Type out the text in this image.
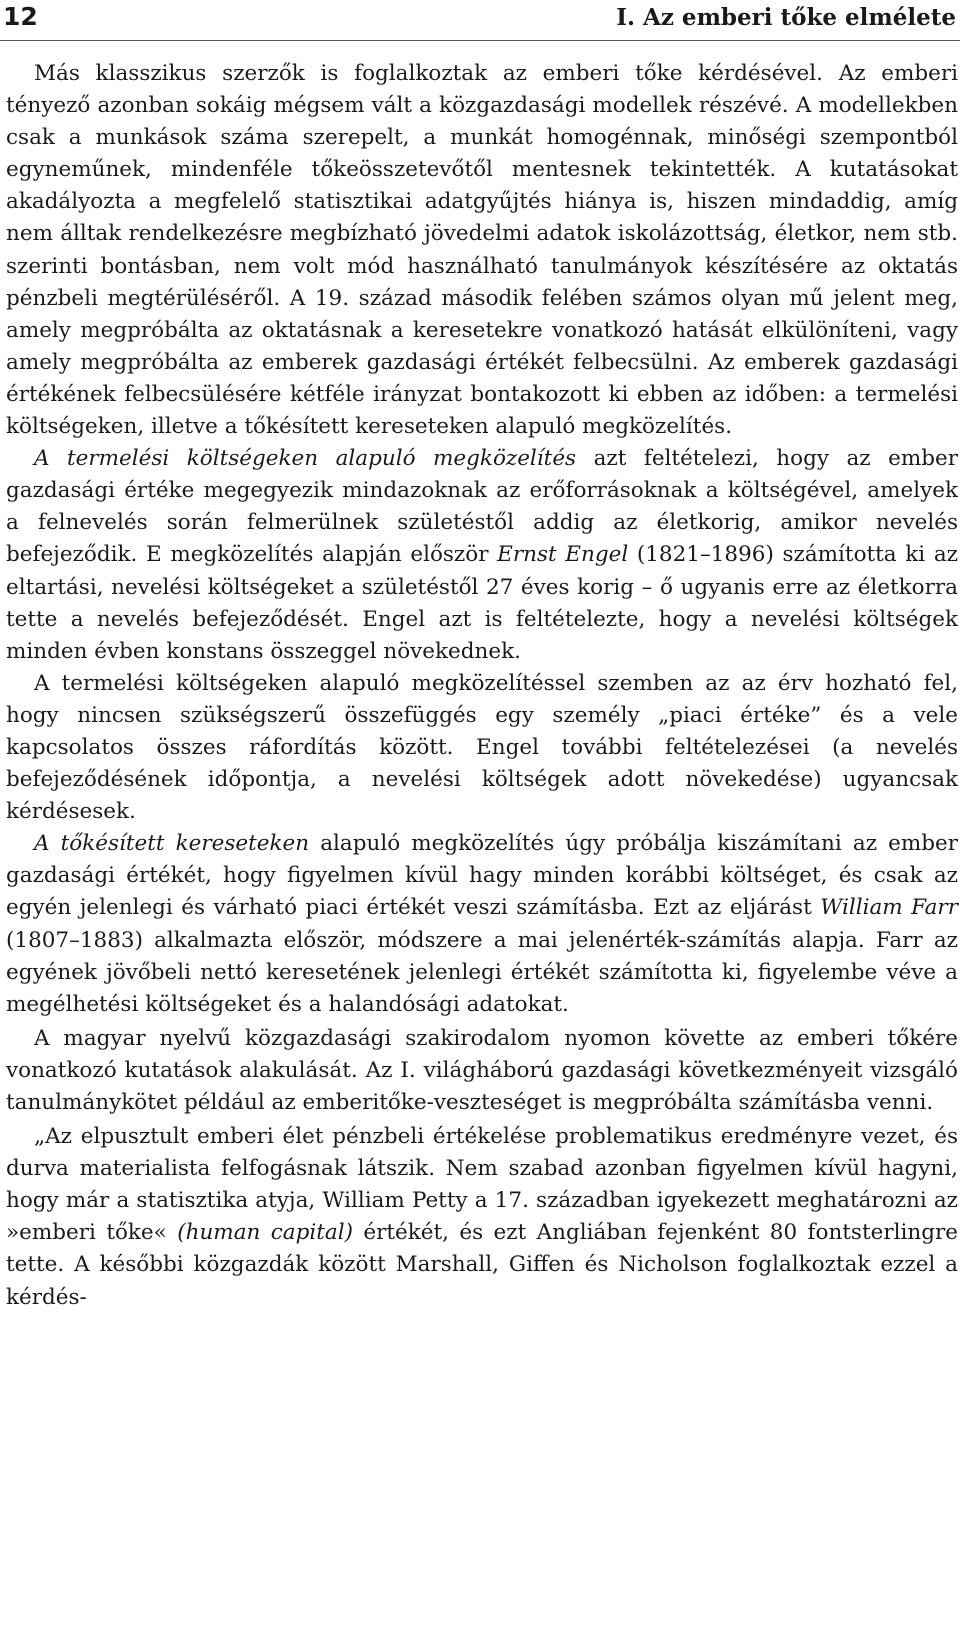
12	I. Az emberi tőke elmélete

Más klasszikus szerzők is foglalkoztak az emberi tőke kérdésével. Az emberi tényező azonban sokáig mégsem vált a közgazdasági modellek részévé. A modellekben csak a munkások száma szerepelt, a munkát homogénnak, minőségi szempontból egyneműnek, mindenféle tőkeösszetevőtől mentesnek tekintették. A kutatásokat akadályozta a megfelelő statisztikai adatgyűjtés hiánya is, hiszen mindaddig, amíg nem álltak rendelkezésre megbízható jövedelmi adatok iskolázottság, életkor, nem stb. szerinti bontásban, nem volt mód használható tanulmányok készítésére az oktatás pénzbeli megtérüléséről. A 19. század második felében számos olyan mű jelent meg, amely megpróbálta az oktatásnak a keresetekre vonatkozó hatását elkülöníteni, vagy amely megpróbálta az emberek gazdasági értékét felbecsülni. Az emberek gazdasági értékének felbecsülésére kétféle irányzat bontakozott ki ebben az időben: a termelési költségeken, illetve a tőkésített kereseteken alapuló megközelítés.

A termelési költségeken alapuló megközelítés azt feltételezi, hogy az ember gazdasági értéke megegyezik mindazoknak az erőforrásoknak a költségével, amelyek a felnevelés során felmerülnek születéstől addig az életkorig, amikor nevelés befejeződik. E megközelítés alapján először Ernst Engel (1821–1896) számította ki az eltartási, nevelési költségeket a születéstől 27 éves korig – ő ugyanis erre az életkorra tette a nevelés befejeződését. Engel azt is feltételezte, hogy a nevelési költségek minden évben konstans összeggel növekednek.

A termelési költségeken alapuló megközelítéssel szemben az az érv hozható fel, hogy nincsen szükségszerű összefüggés egy személy „piaci értéke” és a vele kapcsolatos összes ráfordítás között. Engel további feltételezései (a nevelés befejeződésének időpontja, a nevelési költségek adott növekedése) ugyancsak kérdésesek.

A tőkésített kereseteken alapuló megközelítés úgy próbálja kiszámítani az ember gazdasági értékét, hogy figyelmen kívül hagy minden korábbi költséget, és csak az egyén jelenlegi és várható piaci értékét veszi számításba. Ezt az eljárást William Farr (1807–1883) alkalmazta először, módszere a mai jelenérték-számítás alapja. Farr az egyének jövőbeli nettó keresetének jelenlegi értékét számította ki, figyelembe véve a megélhetési költségeket és a halandósági adatokat.

A magyar nyelvű közgazdasági szakirodalom nyomon követte az emberi tőkére vonatkozó kutatások alakulását. Az I. világháború gazdasági következményeit vizsgáló tanulmánykötet például az emberitőke-veszteséget is megpróbálta számításba venni.

„Az elpusztult emberi élet pénzbeli értékelése problematikus eredményre vezet, és durva materialista felfogásnak látszik. Nem szabad azonban figyelmen kívül hagyni, hogy már a statisztika atyja, William Petty a 17. században igyekezett meghatározni az »emberi tőke« (human capital) értékét, és ezt Angliában fejenként 80 fontsterlingre tette. A későbbi közgazdák között Marshall, Giffen és Nicholson foglalkoztak ezzel a kérdés-
